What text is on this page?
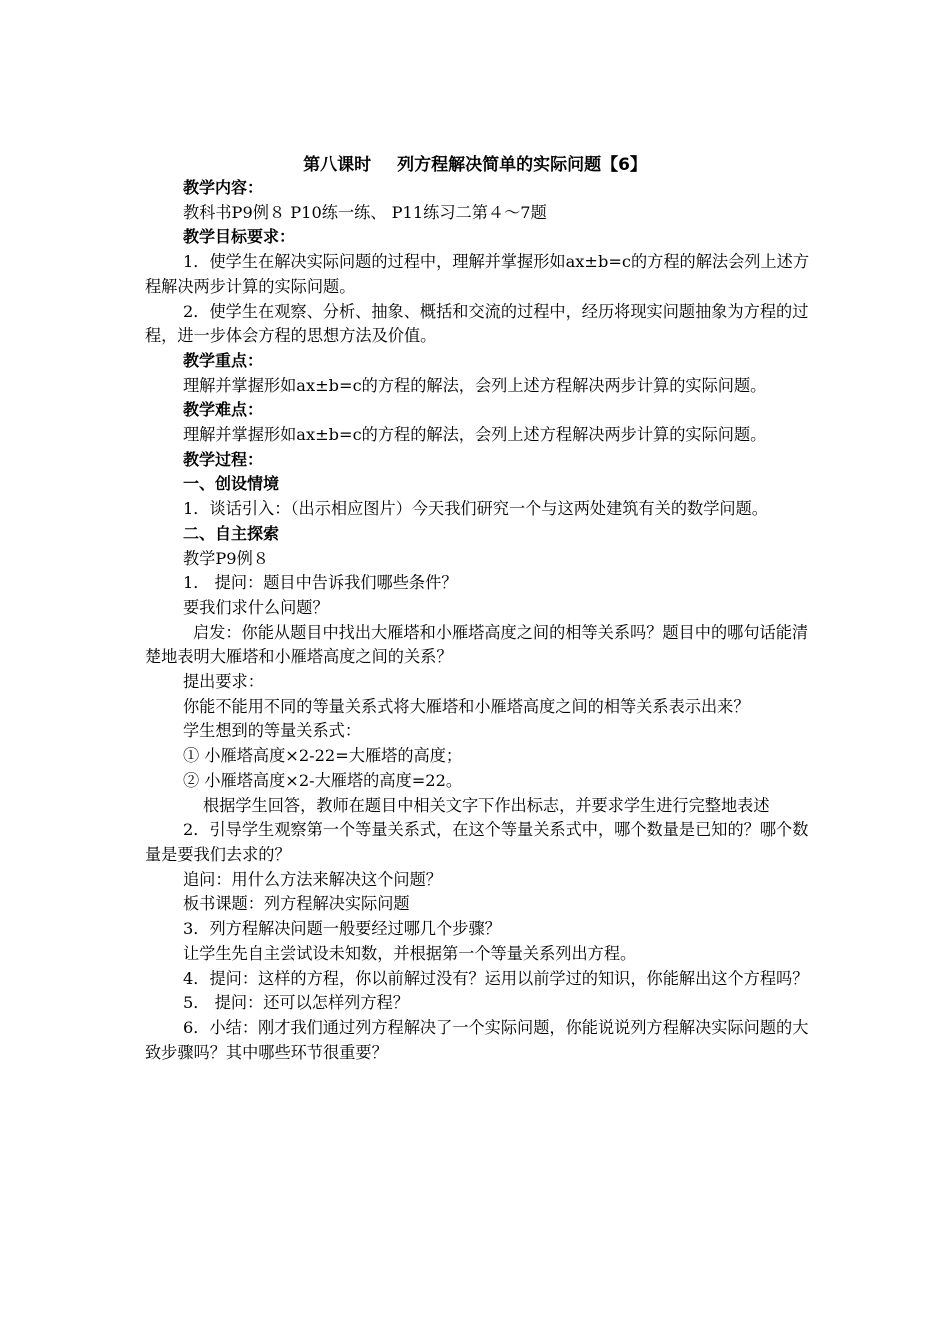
第八课时 列方程解决简单的实际问题【6】

教学内容：

教科书P9例８ P10练一练、 P11练习二第４～7题

教学目标要求：

1．使学生在解决实际问题的过程中，理解并掌握形如ax±b=c的方程的解法会列上述方程解决两步计算的实际问题。

2．使学生在观察、分析、抽象、概括和交流的过程中，经历将现实问题抽象为方程的过程，进一步体会方程的思想方法及价值。

教学重点：

理解并掌握形如ax±b=c的方程的解法，会列上述方程解决两步计算的实际问题。

教学难点：

理解并掌握形如ax±b=c的方程的解法，会列上述方程解决两步计算的实际问题。

教学过程：

一、创设情境

1．谈话引入：（出示相应图片）今天我们研究一个与这两处建筑有关的数学问题。

二、自主探索

教学P9例８

1． 提问：题目中告诉我们哪些条件？

要我们求什么问题？

启发：你能从题目中找出大雁塔和小雁塔高度之间的相等关系吗？题目中的哪句话能清楚地表明大雁塔和小雁塔高度之间的关系？

提出要求：

你能不能用不同的等量关系式将大雁塔和小雁塔高度之间的相等关系表示出来？

学生想到的等量关系式：

① 小雁塔高度×2-22=大雁塔的高度；

② 小雁塔高度×2-大雁塔的高度=22。

根据学生回答，教师在题目中相关文字下作出标志，并要求学生进行完整地表述

2．引导学生观察第一个等量关系式，在这个等量关系式中，哪个数量是已知的？哪个数量是要我们去求的？

追问：用什么方法来解决这个问题？

板书课题：列方程解决实际问题

3．列方程解决问题一般要经过哪几个步骤？

让学生先自主尝试设未知数，并根据第一个等量关系列出方程。

4．提问：这样的方程，你以前解过没有？运用以前学过的知识，你能解出这个方程吗？

5． 提问：还可以怎样列方程？

6．小结：刚才我们通过列方程解决了一个实际问题，你能说说列方程解决实际问题的大致步骤吗？其中哪些环节很重要？
